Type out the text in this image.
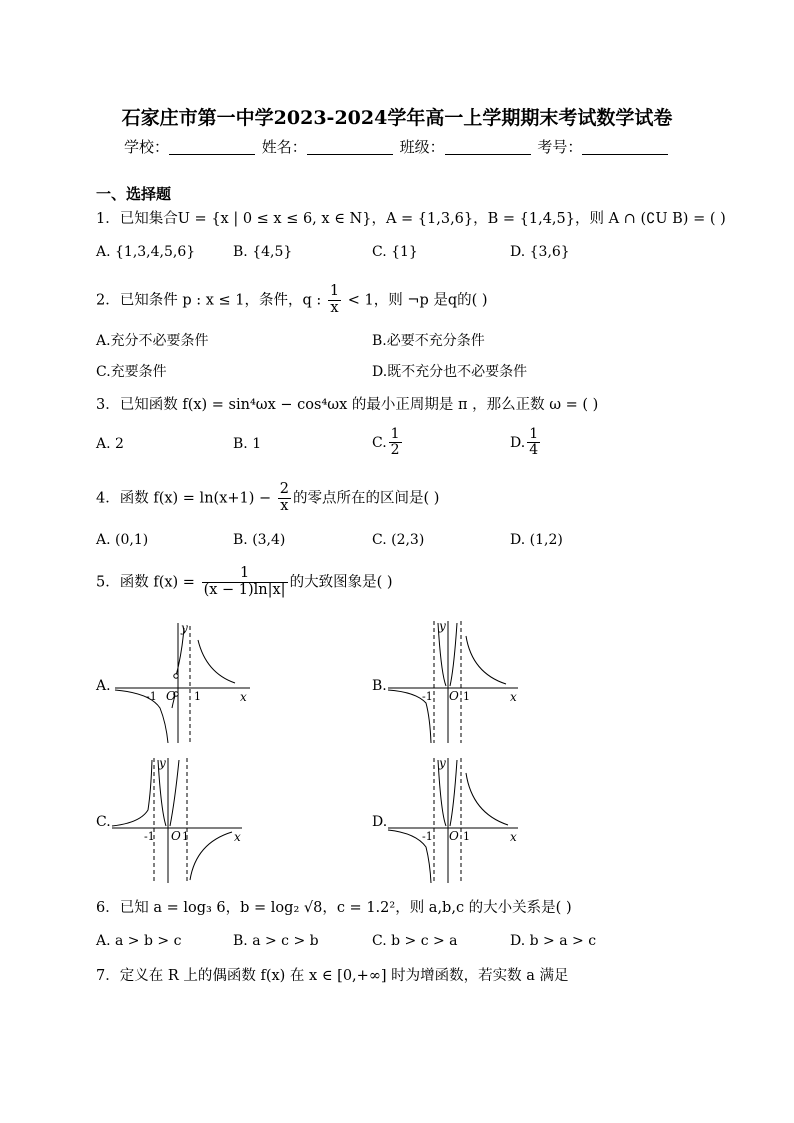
石家庄市第一中学2023-2024学年高一上学期期末考试数学试卷
学校：	姓名：	班级：	考号：
一、选择题
1．已知集合U = {x | 0 ≤ x ≤ 6, x ∈ N}，A = {1,3,6}，B = {1,4,5}，则 A ∩ (∁U B) = ( )
A. {1,3,4,5,6}	B. {4,5}	C. {1}	D. {3,6}
2．已知条件 p : x ≤ 1，条件，q : $\frac{1}{x} < 1$，则 ¬p 是q的( )
A.充分不必要条件	B.必要不充分条件
C.充要条件	D.既不充分也不必要条件
3．已知函数 f(x) = sin⁴ωx − cos⁴ωx 的最小正周期是 π ，那么正数 ω = ( )
A. 2	B. 1	C. $\frac{1}{2}$	D. $\frac{1}{4}$
4．函数 $f(x) = \ln(x+1) - \frac{2}{x}$ 的零点所在的区间是( )
A. (0,1)	B. (3,4)	C. (2,3)	D. (1,2)
5．函数 $f(x) = \frac{1}{(x - 1)\ln|x|}$ 的大致图象是( )
A.
-1 O 1	x
y
B.
-1 O 1	x
y
C.
-1 O 1	x
y
D.
-1 O 1	x
y
6．已知 a = log₃ 6，b = log₂ √8，c = 1.2²，则 a,b,c 的大小关系是( )
A. a > b > c	B. a > c > b	C. b > c > a	D. b > a > c
7．定义在 R 上的偶函数 f(x) 在 x ∈ [0,+∞] 时为增函数，若实数 a 满足
